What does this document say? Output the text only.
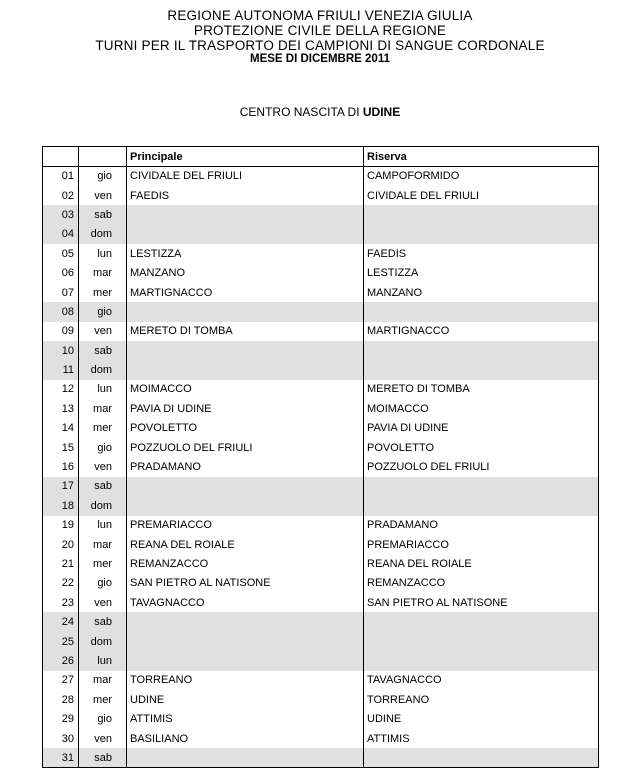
REGIONE AUTONOMA FRIULI VENEZIA GIULIA
PROTEZIONE CIVILE DELLA REGIONE
TURNI PER IL TRASPORTO DEI CAMPIONI DI SANGUE CORDONALE
MESE DI DICEMBRE 2011
CENTRO NASCITA DI UDINE
		Principale	Riserva
01	gio	CIVIDALE DEL FRIULI	CAMPOFORMIDO
02	ven	FAEDIS	CIVIDALE DEL FRIULI
03	sab		
04	dom		
05	lun	LESTIZZA	FAEDIS
06	mar	MANZANO	LESTIZZA
07	mer	MARTIGNACCO	MANZANO
08	gio		
09	ven	MERETO DI TOMBA	MARTIGNACCO
10	sab		
11	dom		
12	lun	MOIMACCO	MERETO DI TOMBA
13	mar	PAVIA DI UDINE	MOIMACCO
14	mer	POVOLETTO	PAVIA DI UDINE
15	gio	POZZUOLO DEL FRIULI	POVOLETTO
16	ven	PRADAMANO	POZZUOLO DEL FRIULI
17	sab		
18	dom		
19	lun	PREMARIACCO	PRADAMANO
20	mar	REANA DEL ROIALE	PREMARIACCO
21	mer	REMANZACCO	REANA DEL ROIALE
22	gio	SAN PIETRO AL NATISONE	REMANZACCO
23	ven	TAVAGNACCO	SAN PIETRO AL NATISONE
24	sab		
25	dom		
26	lun		
27	mar	TORREANO	TAVAGNACCO
28	mer	UDINE	TORREANO
29	gio	ATTIMIS	UDINE
30	ven	BASILIANO	ATTIMIS
31	sab		
